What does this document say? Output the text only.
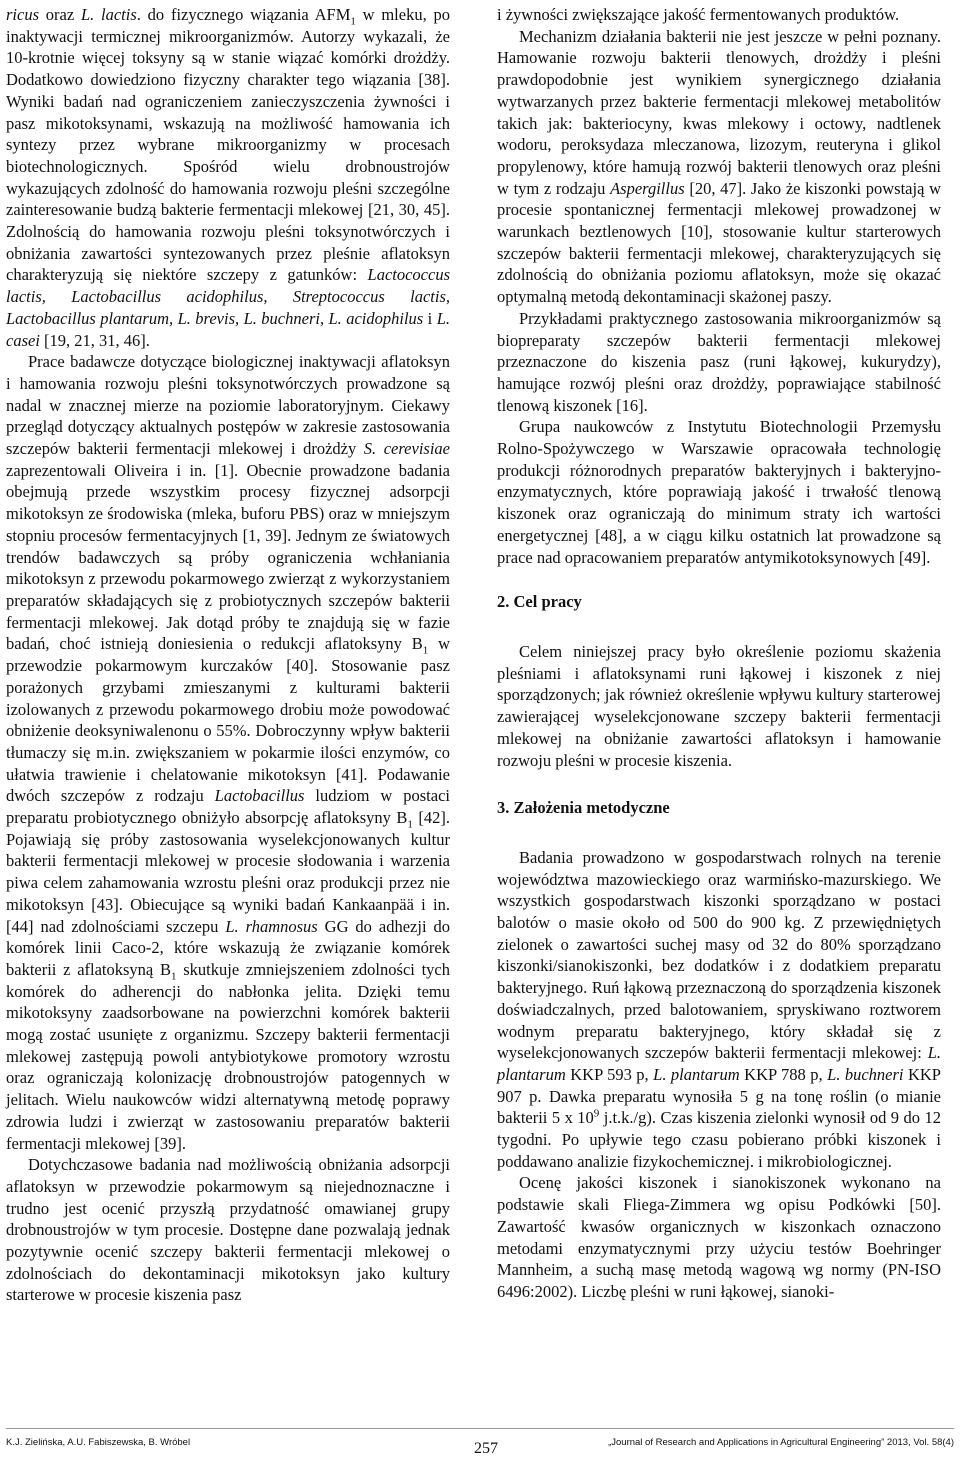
ricus oraz L. lactis. do fizycznego wiązania $AFM_1$ w mleku, po inaktywacji termicznej mikroorganizmów. Autorzy wykazali, że 10-krotnie więcej toksyny są w stanie wiązać komórki drożdży. Dodatkowo dowiedziono fizyczny charakter tego wiązania [38]. Wyniki badań nad ograniczeniem zanieczyszczenia żywności i pasz mikotoksynami, wskazują na możliwość hamowania ich syntezy przez wybrane mikroorganizmy w procesach biotechnologicznych. Spośród wielu drobnoustrojów wykazujących zdolność do hamowania rozwoju pleśni szczególne zainteresowanie budzą bakterie fermentacji mlekowej [21, 30, 45]. Zdolnością do hamowania rozwoju pleśni toksynotwórczych i obniżania zawartości syntezowanych przez pleśnie aflatoksyn charakteryzują się niektóre szczepy z gatunków: Lactococcus lactis, Lactobacillus acidophilus, Streptococcus lactis, Lactobacillus plantarum, L. brevis, L. buchneri, L. acidophilus i L. casei [19, 21, 31, 46].

Prace badawcze dotyczące biologicznej inaktywacji aflatoksyn i hamowania rozwoju pleśni toksynotwórczych prowadzone są nadal w znacznej mierze na poziomie laboratoryjnym. Ciekawy przegląd dotyczący aktualnych postępów w zakresie zastosowania szczepów bakterii fermentacji mlekowej i drożdży S. cerevisiae zaprezentowali Oliveira i in. [1]. Obecnie prowadzone badania obejmują przede wszystkim procesy fizycznej adsorpcji mikotoksyn ze środowiska (mleka, buforu PBS) oraz w mniejszym stopniu procesów fermentacyjnych [1, 39]. Jednym ze światowych trendów badawczych są próby ograniczenia wchłaniania mikotoksyn z przewodu pokarmowego zwierząt z wykorzystaniem preparatów składających się z probiotycznych szczepów bakterii fermentacji mlekowej. Jak dotąd próby te znajdują się w fazie badań, choć istnieją doniesienia o redukcji aflatoksyny $B_1$ w przewodzie pokarmowym kurczaków [40]. Stosowanie pasz porażonych grzybami zmieszanymi z kulturami bakterii izolowanych z przewodu pokarmowego drobiu może powodować obniżenie deoksyniwalenonu o 55%. Dobroczynny wpływ bakterii tłumaczy się m.in. zwiększaniem w pokarmie ilości enzymów, co ułatwia trawienie i chelatowanie mikotoksyn [41]. Podawanie dwóch szczepów z rodzaju Lactobacillus ludziom w postaci preparatu probiotycznego obniżyło absorpcję aflatoksyny $B_1$ [42]. Pojawiają się próby zastosowania wyselekcjonowanych kultur bakterii fermentacji mlekowej w procesie słodowania i warzenia piwa celem zahamowania wzrostu pleśni oraz produkcji przez nie mikotoksyn [43]. Obiecujące są wyniki badań Kankaanpää i in. [44] nad zdolnościami szczepu L. rhamnosus GG do adhezji do komórek linii Caco-2, które wskazują że związanie komórek bakterii z aflatoksyną $B_1$ skutkuje zmniejszeniem zdolności tych komórek do adherencji do nabłonka jelita. Dzięki temu mikotoksyny zaadsorbowane na powierzchni komórek bakterii mogą zostać usunięte z organizmu. Szczepy bakterii fermentacji mlekowej zastępują powoli antybiotykowe promotory wzrostu oraz ograniczają kolonizację drobnoustrojów patogennych w jelitach. Wielu naukowców widzi alternatywną metodę poprawy zdrowia ludzi i zwierząt w zastosowaniu preparatów bakterii fermentacji mlekowej [39].

Dotychczasowe badania nad możliwością obniżania adsorpcji aflatoksyn w przewodzie pokarmowym są niejednoznaczne i trudno jest ocenić przyszłą przydatność omawianej grupy drobnoustrojów w tym procesie. Dostępne dane pozwalają jednak pozytywnie ocenić szczepy bakterii fermentacji mlekowej o zdolnościach do dekontaminacji mikotoksyn jako kultury starterowe w procesie kiszenia pasz

i żywności zwiększające jakość fermentowanych produktów.

Mechanizm działania bakterii nie jest jeszcze w pełni poznany. Hamowanie rozwoju bakterii tlenowych, drożdży i pleśni prawdopodobnie jest wynikiem synergicznego działania wytwarzanych przez bakterie fermentacji mlekowej metabolitów takich jak: bakteriocyny, kwas mlekowy i octowy, nadtlenek wodoru, peroksydaza mleczanowa, lizozym, reuteryna i glikol propylenowy, które hamują rozwój bakterii tlenowych oraz pleśni w tym z rodzaju Aspergillus [20, 47]. Jako że kiszonki powstają w procesie spontanicznej fermentacji mlekowej prowadzonej w warunkach beztlenowych [10], stosowanie kultur starterowych szczepów bakterii fermentacji mlekowej, charakteryzujących się zdolnością do obniżania poziomu aflatoksyn, może się okazać optymalną metodą dekontaminacji skażonej paszy.

Przykładami praktycznego zastosowania mikroorganizmów są biopreparaty szczepów bakterii fermentacji mlekowej przeznaczone do kiszenia pasz (runi łąkowej, kukurydzy), hamujące rozwój pleśni oraz drożdży, poprawiające stabilność tlenową kiszonek [16].

Grupa naukowców z Instytutu Biotechnologii Przemysłu Rolno-Spożywczego w Warszawie opracowała technologię produkcji różnorodnych preparatów bakteryjnych i bakteryjno-enzymatycznych, które poprawiają jakość i trwałość tlenową kiszonek oraz ograniczają do minimum straty ich wartości energetycznej [48], a w ciągu kilku ostatnich lat prowadzone są prace nad opracowaniem preparatów antymikotoksynowych [49].

2. Cel pracy

Celem niniejszej pracy było określenie poziomu skażenia pleśniami i aflatoksynami runi łąkowej i kiszonek z niej sporządzonych; jak również określenie wpływu kultury starterowej zawierającej wyselekcjonowane szczepy bakterii fermentacji mlekowej na obniżanie zawartości aflatoksyn i hamowanie rozwoju pleśni w procesie kiszenia.

3. Założenia metodyczne

Badania prowadzono w gospodarstwach rolnych na terenie województwa mazowieckiego oraz warmińsko-mazurskiego. We wszystkich gospodarstwach kiszonki sporządzano w postaci balotów o masie około od 500 do 900 kg. Z przewiędniętych zielonek o zawartości suchej masy od 32 do 80% sporządzano kiszonki/sianokiszonki, bez dodatków i z dodatkiem preparatu bakteryjnego. Ruń łąkową przeznaczoną do sporządzenia kiszonek doświadczalnych, przed balotowaniem, spryskiwano roztworem wodnym preparatu bakteryjnego, który składał się z wyselekcjonowanych szczepów bakterii fermentacji mlekowej: L. plantarum KKP 593 p, L. plantarum KKP 788 p, L. buchneri KKP 907 p. Dawka preparatu wynosiła 5 g na tonę roślin (o mianie bakterii 5 x $10^9$ j.t.k./g). Czas kiszenia zielonki wynosił od 9 do 12 tygodni. Po upływie tego czasu pobierano próbki kiszonek i poddawano analizie fizykochemicznej. i mikrobiologicznej.

Ocenę jakości kiszonek i sianokiszonek wykonano na podstawie skali Fliega-Zimmera wg opisu Podkówki [50]. Zawartość kwasów organicznych w kiszonkach oznaczono metodami enzymatycznymi przy użyciu testów Boehringer Mannheim, a suchą masę metodą wagową wg normy (PN-ISO 6496:2002). Liczbę pleśni w runi łąkowej, sianoki-

K.J. Zielińska, A.U. Fabiszewska, B. Wróbel	257	„Journal of Research and Applications in Agricultural Engineering” 2013, Vol. 58(4)
